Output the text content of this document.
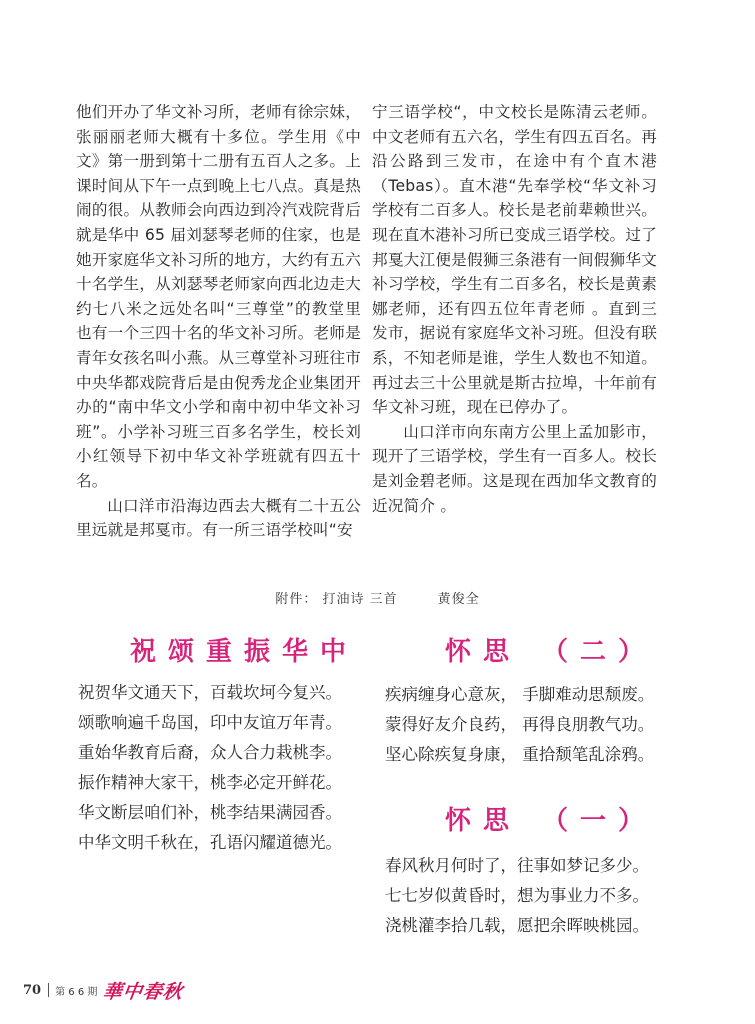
他们开办了华文补习所，老师有徐宗妹，张丽丽老师大概有十多位。学生用《中文》第一册到第十二册有五百人之多。上课时间从下午一点到晚上七八点。真是热闹的很。从教师会向西边到冷汽戏院背后就是华中 65 届刘瑟琴老师的住家，也是她开家庭华文补习所的地方，大约有五六十名学生，从刘瑟琴老师家向西北边走大约七八米之远处名叫“三尊堂”的教堂里也有一个三四十名的华文补习所。老师是青年女孩名叫小燕。从三尊堂补习班往市中央华都戏院背后是由倪秀龙企业集团开办的“南中华文小学和南中初中华文补习班”。小学补习班三百多名学生，校长刘小红领导下初中华文补学班就有四五十名。

山口洋市沿海边西去大概有二十五公里远就是邦戛市。有一所三语学校叫“安

宁三语学校“，中文校长是陈清云老师。中文老师有五六名，学生有四五百名。再沿公路到三发市，在途中有个直木港（Tebas）。直木港“先奉学校“华文补习学校有二百多人。校长是老前辈赖世兴。现在直木港补习所已变成三语学校。过了邦戛大江便是假狮三条港有一间假狮华文补习学校，学生有二百多名，校长是黄素娜老师，还有四五位年青老师 。直到三发市，据说有家庭华文补习班。但没有联系，不知老师是谁，学生人数也不知道。再过去三十公里就是斯古拉埠，十年前有华文补习班，现在已停办了。

山口洋市向东南方公里上孟加影市，现开了三语学校，学生有一百多人。校长是刘金碧老师。这是现在西加华文教育的近况简介 。

附件： 打油诗 三首	黄俊全
祝颂重振华中
祝贺华文通天下，百载坎坷今复兴。
颂歌响遍千岛国，印中友谊万年青。
重始华教育后裔，众人合力栽桃李。
振作精神大家干，桃李必定开鲜花。
华文断层咱们补，桃李结果满园香。
中华文明千秋在，孔语闪耀道德光。
怀思 （二）
疾病缠身心意灰， 手脚难动思颓废。
蒙得好友介良药， 再得良朋教气功。
坚心除疾复身康， 重拾颓笔乱涂鸦。
怀思 （一）
春风秋月何时了，往事如梦记多少。
七七岁似黄昏时，想为事业力不多。
浇桃灌李拾几载，愿把余晖映桃园。
70 第 6 6 期 華中春秋
